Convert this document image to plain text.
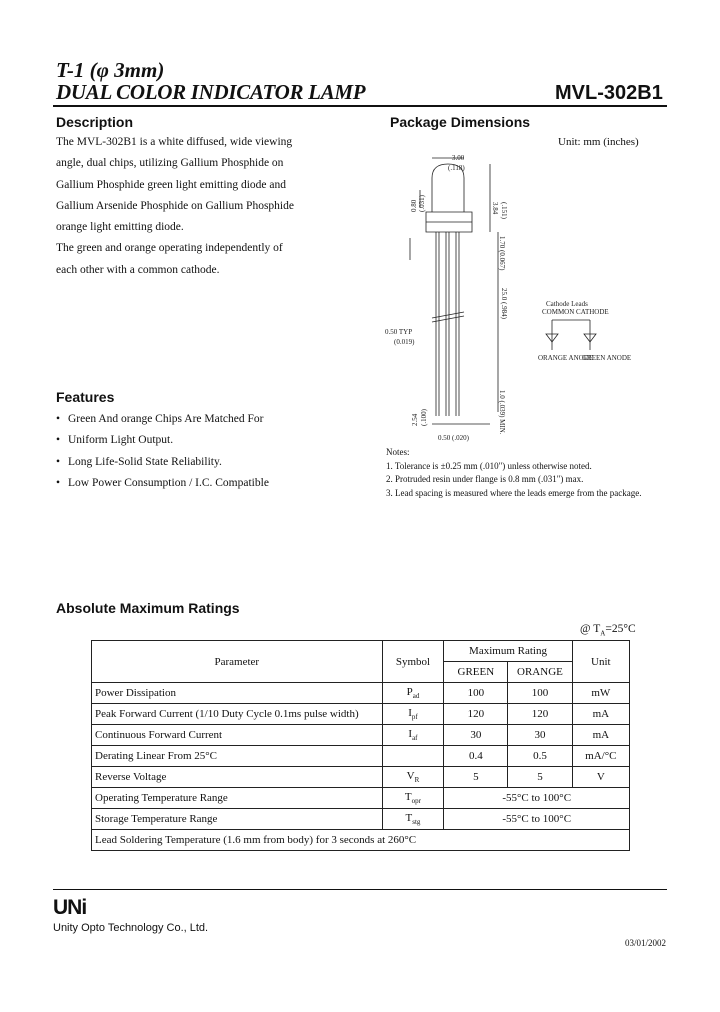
T-1 (φ 3mm)
DUAL COLOR INDICATOR LAMP	MVL-302B1
Description
The MVL-302B1 is a white diffused, wide viewing
angle, dual chips, utilizing Gallium Phosphide on
Gallium Phosphide green light emitting diode and
Gallium Arsenide Phosphide on Gallium Phosphide
orange light emitting diode.
The green and orange operating independently of
each other with a common cathode.
Package Dimensions
Unit: mm (inches)
3.00
(.118)
3.84 (.151)
0.80 (.031)
1.70 (0.067)
25.0 (.984)
0.50 TYP
(0.019)
2.54 (.100)	1.0 (.039) MIN.
0.50 (.020)
Cathode Leads
COMMON CATHODE
ORANGE ANODE
GREEN ANODE
Notes:
1. Tolerance is ±0.25 mm (.010") unless otherwise noted.
2. Protruded resin under flange is 0.8 mm (.031") max.
3. Lead spacing is measured where the leads emerge from the package.
Features
• Green And orange Chips Are Matched For
• Uniform Light Output.
• Long Life-Solid State Reliability.
• Low Power Consumption / I.C. Compatible
Absolute Maximum Ratings
@ $T_A=25^\circ C$
Parameter	Symbol	Maximum Rating		Unit
		GREEN	ORANGE	
Power Dissipation	$P_{ad}$	100	100	mW
Peak Forward Current (1/10 Duty Cycle 0.1ms pulse width)	$I_{pf}$	120	120	mA
Continuous Forward Current	$I_{af}$	30	30	mA
Derating Linear From 25°C		0.4	0.5	mA/°C
Reverse Voltage	$V_R$	5	5	V
Operating Temperature Range	$T_{opr}$	-55°C to 100°C		
Storage Temperature Range	$T_{stg}$	-55°C to 100°C		
Lead Soldering Temperature (1.6 mm from body) for 3 seconds at 260°C				
UNi
Unity Opto Technology Co., Ltd.
03/01/2002
